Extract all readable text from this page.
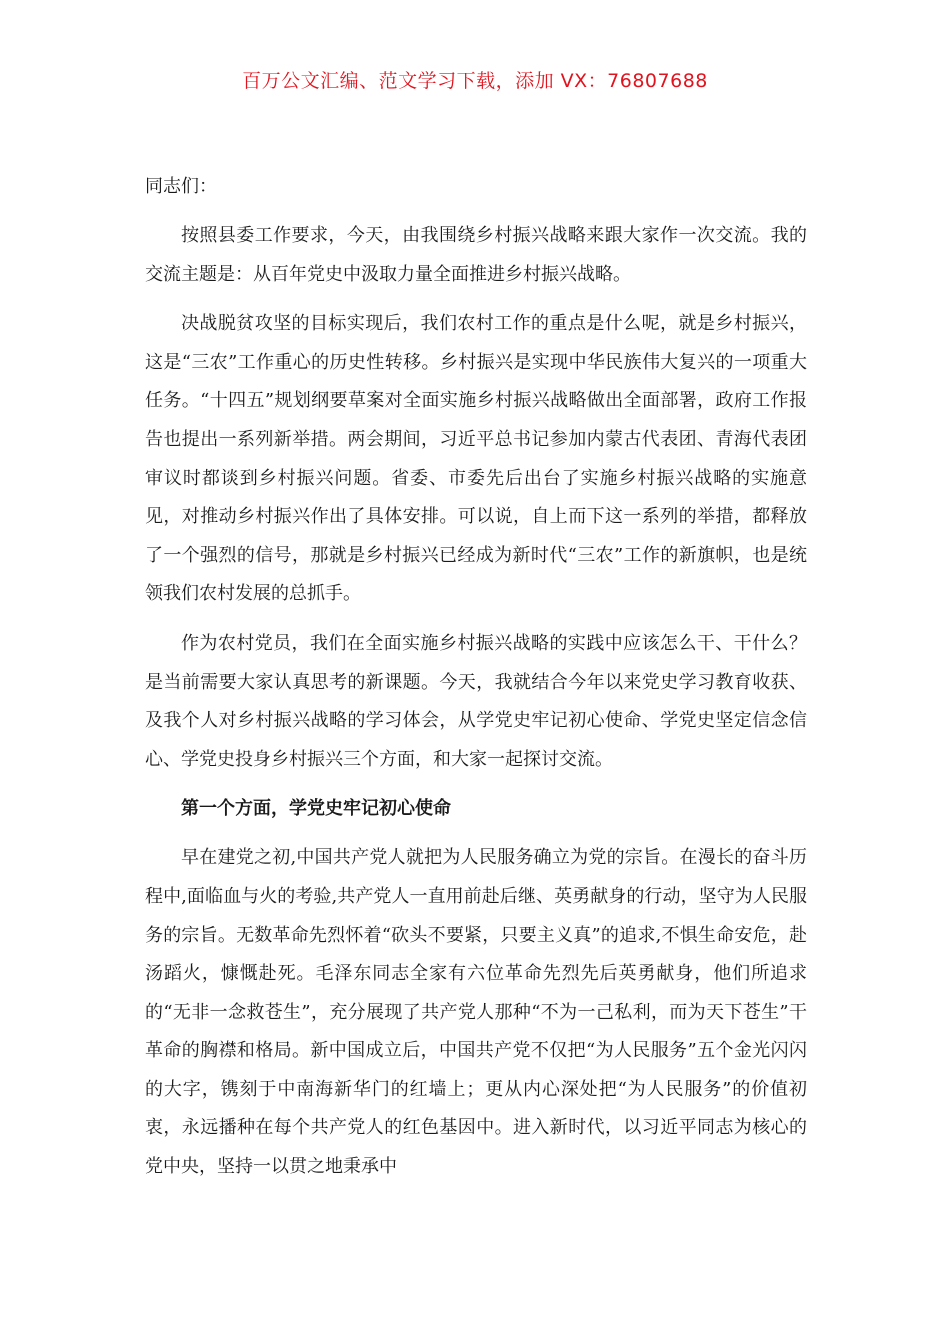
百万公文汇编、范文学习下载，添加 VX：76807688

同志们：

按照县委工作要求，今天，由我围绕乡村振兴战略来跟大家作一次交流。我的交流主题是：从百年党史中汲取力量全面推进乡村振兴战略。

决战脱贫攻坚的目标实现后，我们农村工作的重点是什么呢，就是乡村振兴，这是“三农”工作重心的历史性转移。乡村振兴是实现中华民族伟大复兴的一项重大任务。“十四五”规划纲要草案对全面实施乡村振兴战略做出全面部署，政府工作报告也提出一系列新举措。两会期间，习近平总书记参加内蒙古代表团、青海代表团审议时都谈到乡村振兴问题。省委、市委先后出台了实施乡村振兴战略的实施意见，对推动乡村振兴作出了具体安排。可以说，自上而下这一系列的举措，都释放了一个强烈的信号，那就是乡村振兴已经成为新时代“三农”工作的新旗帜，也是统领我们农村发展的总抓手。

作为农村党员，我们在全面实施乡村振兴战略的实践中应该怎么干、干什么？是当前需要大家认真思考的新课题。今天，我就结合今年以来党史学习教育收获、及我个人对乡村振兴战略的学习体会，从学党史牢记初心使命、学党史坚定信念信心、学党史投身乡村振兴三个方面，和大家一起探讨交流。

第一个方面，学党史牢记初心使命

早在建党之初,中国共产党人就把为人民服务确立为党的宗旨。在漫长的奋斗历程中,面临血与火的考验,共产党人一直用前赴后继、英勇献身的行动，坚守为人民服务的宗旨。无数革命先烈怀着“砍头不要紧，只要主义真”的追求,不惧生命安危，赴汤蹈火，慷慨赴死。毛泽东同志全家有六位革命先烈先后英勇献身，他们所追求的“无非一念救苍生”，充分展现了共产党人那种“不为一己私利，而为天下苍生”干革命的胸襟和格局。新中国成立后，中国共产党不仅把“为人民服务”五个金光闪闪的大字，镌刻于中南海新华门的红墙上；更从内心深处把“为人民服务”的价值初衷，永远播种在每个共产党人的红色基因中。进入新时代，以习近平同志为核心的党中央，坚持一以贯之地秉承中
